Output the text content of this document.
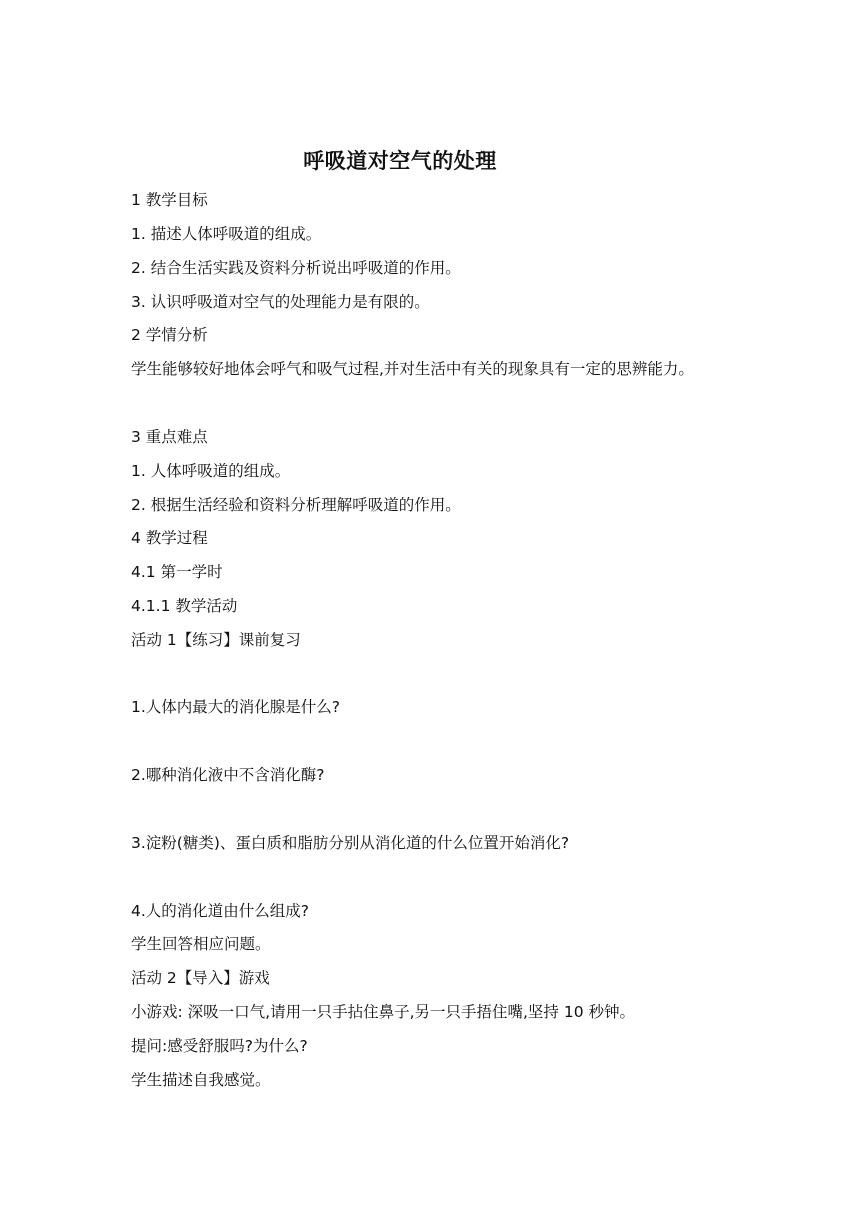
呼吸道对空气的处理
1 教学目标
1. 描述人体呼吸道的组成。
2. 结合生活实践及资料分析说出呼吸道的作用。
3. 认识呼吸道对空气的处理能力是有限的。
2 学情分析
学生能够较好地体会呼气和吸气过程,并对生活中有关的现象具有一定的思辨能力。
3 重点难点
1. 人体呼吸道的组成。
2. 根据生活经验和资料分析理解呼吸道的作用。
4 教学过程
4.1 第一学时
4.1.1 教学活动
活动 1【练习】课前复习
1.人体内最大的消化腺是什么?
2.哪种消化液中不含消化酶?
3.淀粉(糖类)、蛋白质和脂肪分别从消化道的什么位置开始消化?
4.人的消化道由什么组成?
学生回答相应问题。
活动 2【导入】游戏
小游戏: 深吸一口气,请用一只手拈住鼻子,另一只手捂住嘴,坚持 10 秒钟。
提问:感受舒服吗?为什么?
学生描述自我感觉。
